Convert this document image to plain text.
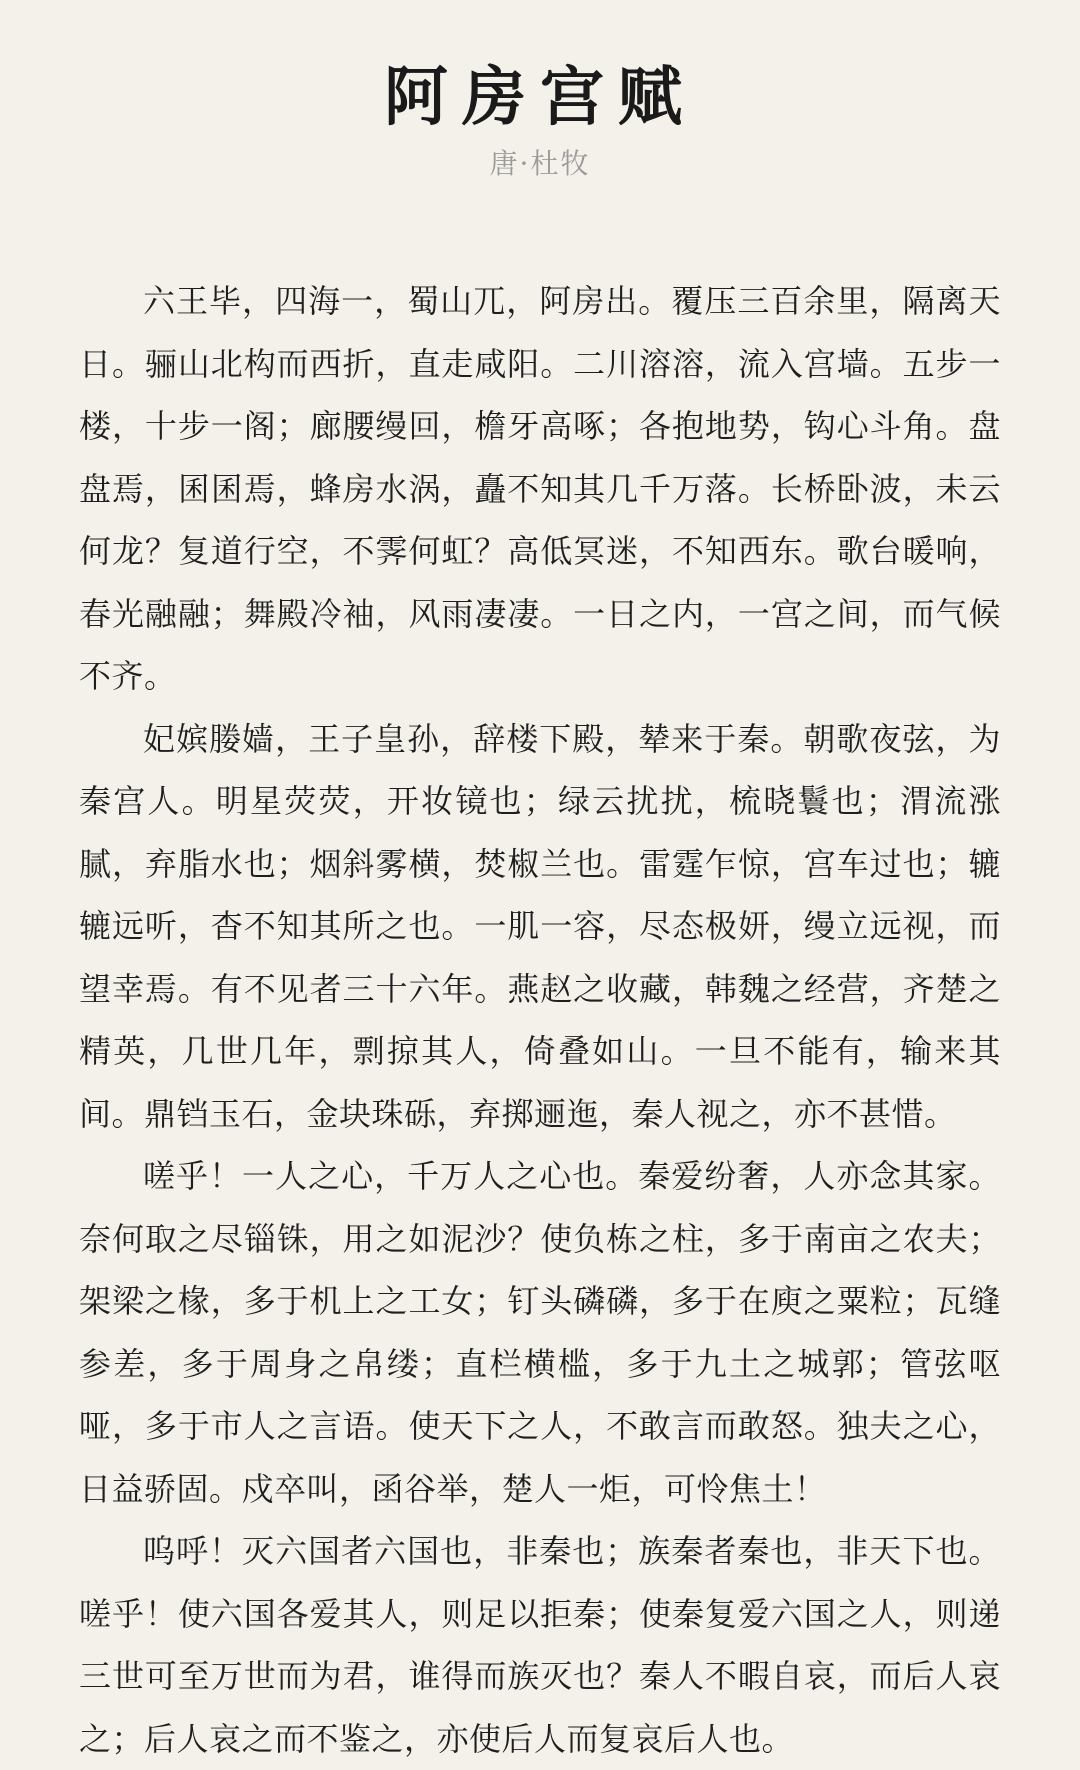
阿房宫赋
唐·杜牧

六王毕，四海一，蜀山兀，阿房出。覆压三百余里，隔离天日。骊山北构而西折，直走咸阳。二川溶溶，流入宫墙。五步一楼，十步一阁；廊腰缦回，檐牙高啄；各抱地势，钩心斗角。盘盘焉，囷囷焉，蜂房水涡，矗不知其几千万落。长桥卧波，未云何龙？复道行空，不霁何虹？高低冥迷，不知西东。歌台暖响，春光融融；舞殿冷袖，风雨凄凄。一日之内，一宫之间，而气候不齐。

妃嫔媵嫱，王子皇孙，辞楼下殿，辇来于秦。朝歌夜弦，为秦宫人。明星荧荧，开妆镜也；绿云扰扰，梳晓鬟也；渭流涨腻，弃脂水也；烟斜雾横，焚椒兰也。雷霆乍惊，宫车过也；辘辘远听，杳不知其所之也。一肌一容，尽态极妍，缦立远视，而望幸焉。有不见者三十六年。燕赵之收藏，韩魏之经营，齐楚之精英，几世几年，剽掠其人，倚叠如山。一旦不能有，输来其间。鼎铛玉石，金块珠砾，弃掷逦迤，秦人视之，亦不甚惜。

嗟乎！一人之心，千万人之心也。秦爱纷奢，人亦念其家。奈何取之尽锱铢，用之如泥沙？使负栋之柱，多于南亩之农夫；架梁之椽，多于机上之工女；钉头磷磷，多于在庾之粟粒；瓦缝参差，多于周身之帛缕；直栏横槛，多于九土之城郭；管弦呕哑，多于市人之言语。使天下之人，不敢言而敢怒。独夫之心，日益骄固。戍卒叫，函谷举，楚人一炬，可怜焦土！

呜呼！灭六国者六国也，非秦也；族秦者秦也，非天下也。嗟乎！使六国各爱其人，则足以拒秦；使秦复爱六国之人，则递三世可至万世而为君，谁得而族灭也？秦人不暇自哀，而后人哀之；后人哀之而不鉴之，亦使后人而复哀后人也。
